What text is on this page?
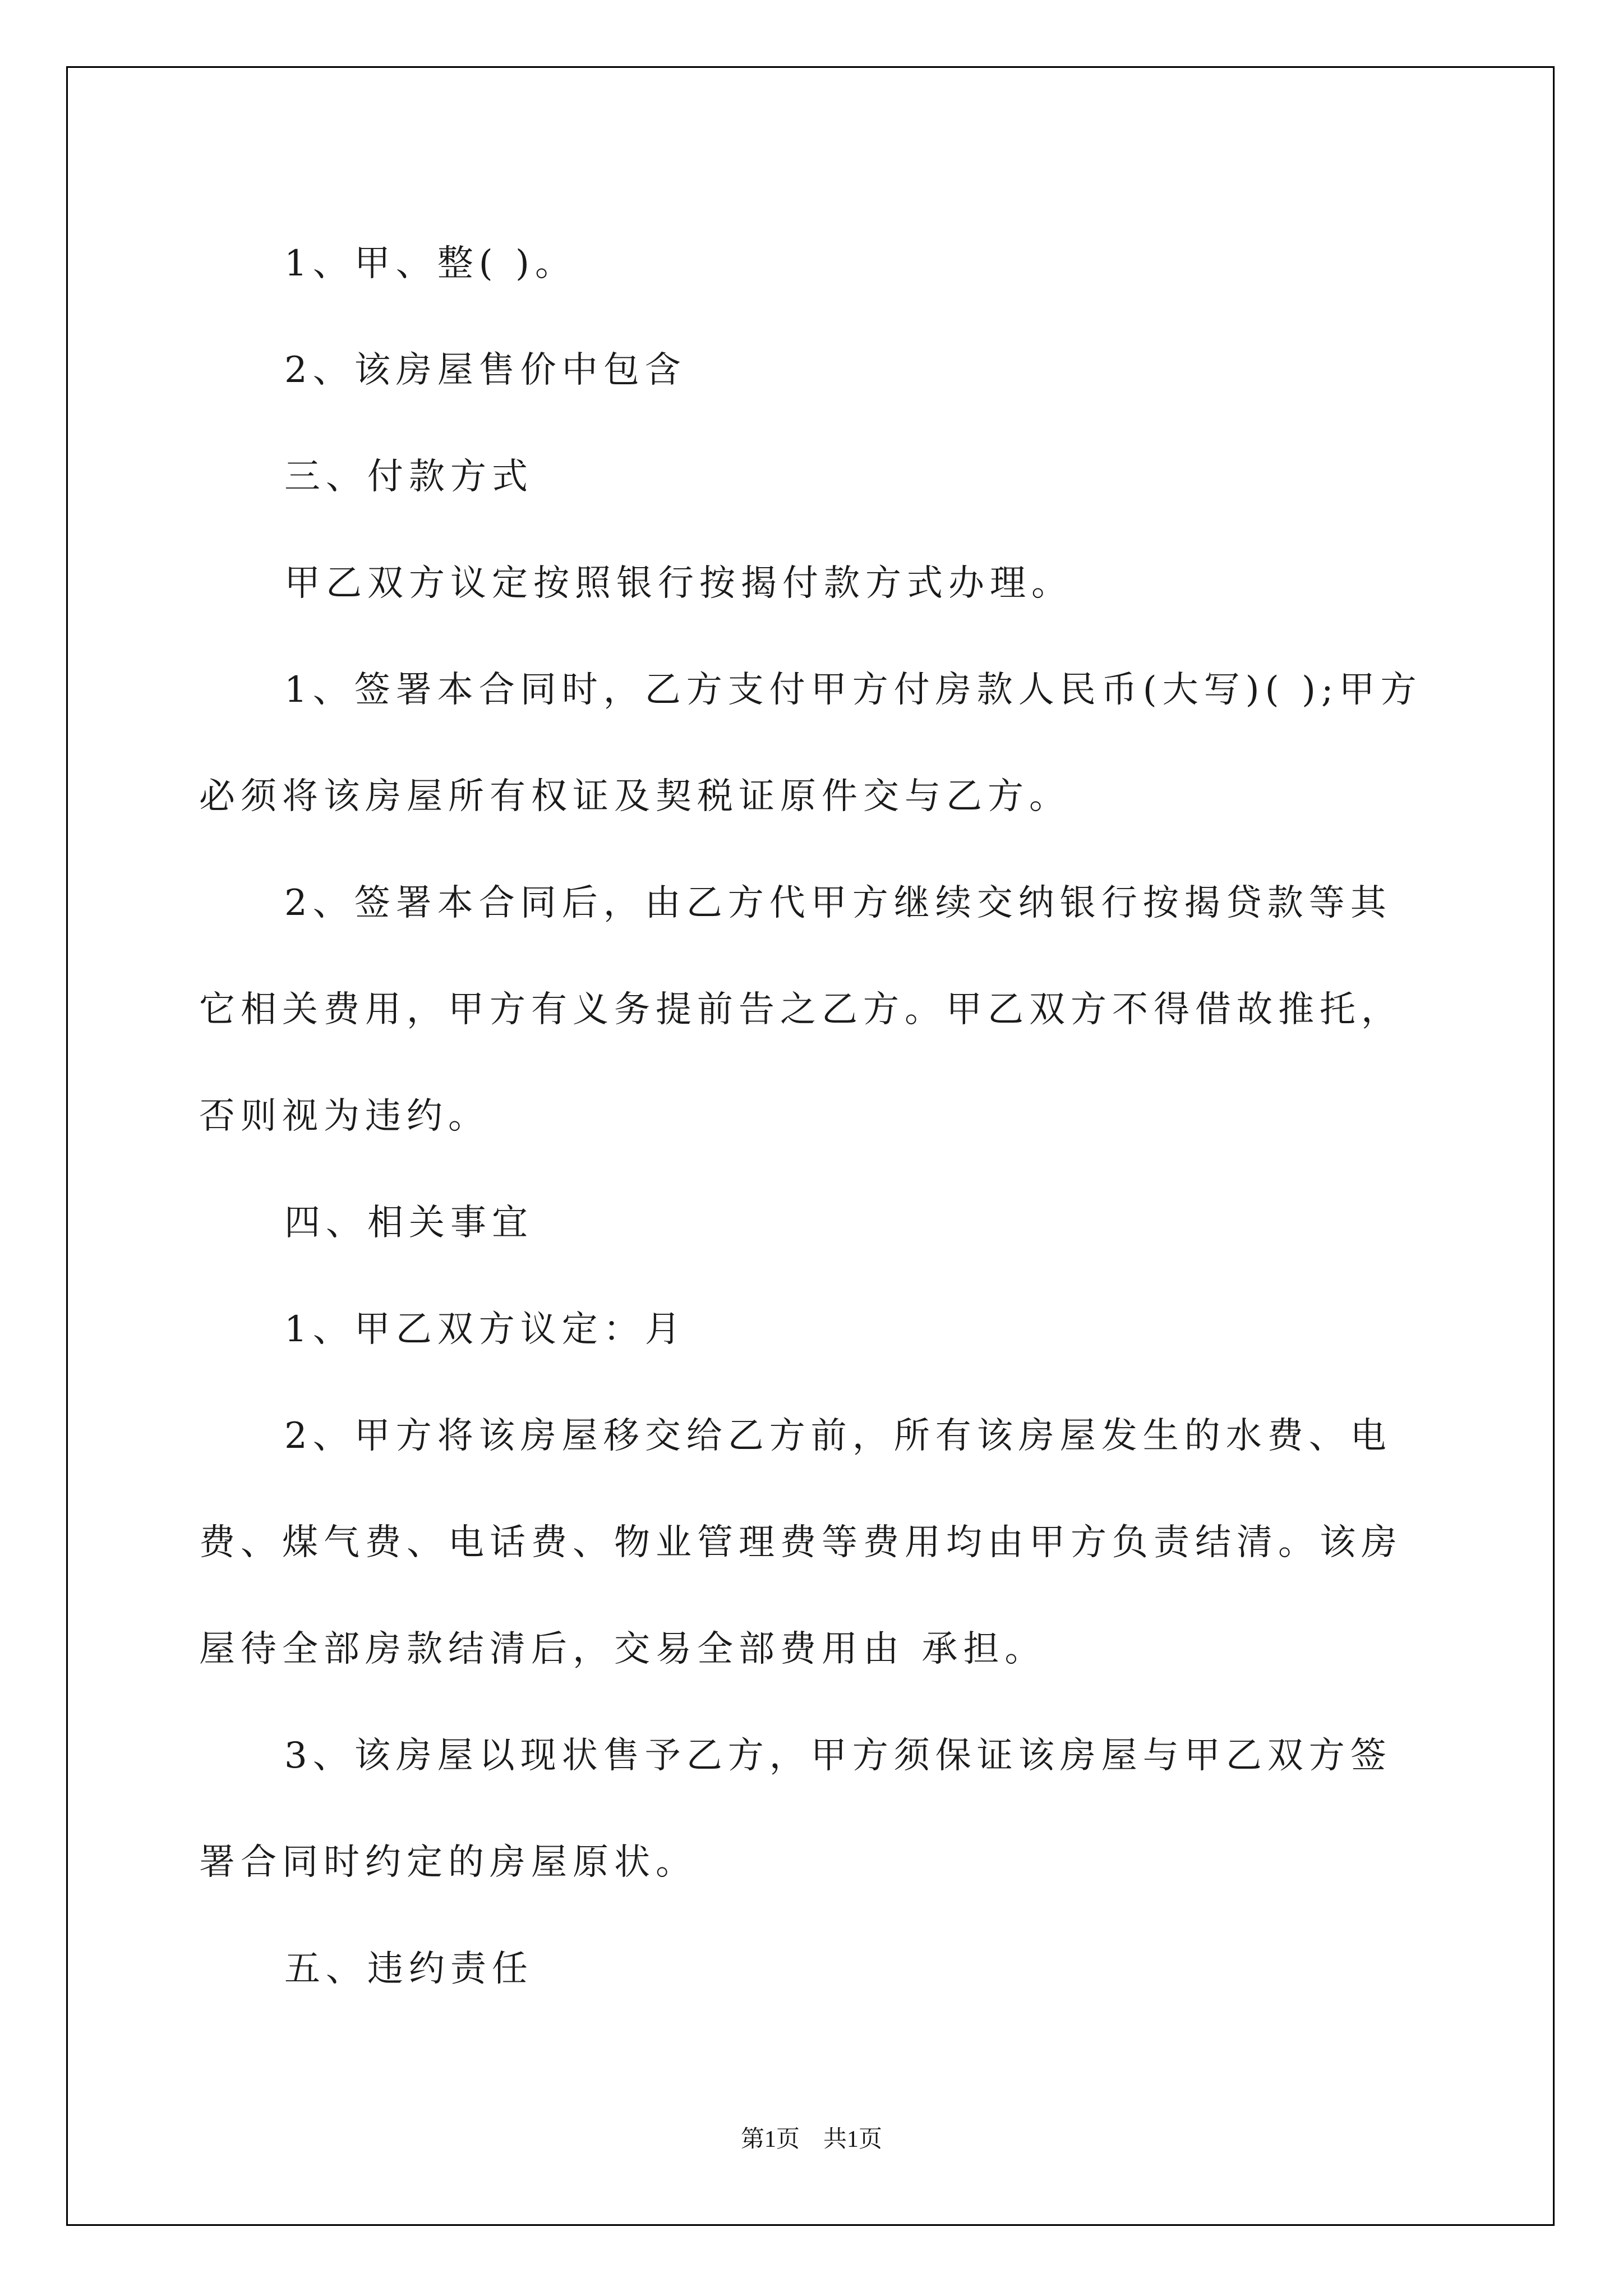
1、甲、整( )。

2、该房屋售价中包含

三、付款方式

甲乙双方议定按照银行按揭付款方式办理。

1、签署本合同时，乙方支付甲方付房款人民币(大写)( );甲方必须将该房屋所有权证及契税证原件交与乙方。

2、签署本合同后，由乙方代甲方继续交纳银行按揭贷款等其它相关费用，甲方有义务提前告之乙方。甲乙双方不得借故推托，否则视为违约。

四、相关事宜

1、甲乙双方议定：月

2、甲方将该房屋移交给乙方前，所有该房屋发生的水费、电费、煤气费、电话费、物业管理费等费用均由甲方负责结清。该房屋待全部房款结清后，交易全部费用由 承担。

3、该房屋以现状售予乙方，甲方须保证该房屋与甲乙双方签署合同时约定的房屋原状。

五、违约责任

第1页　共1页
